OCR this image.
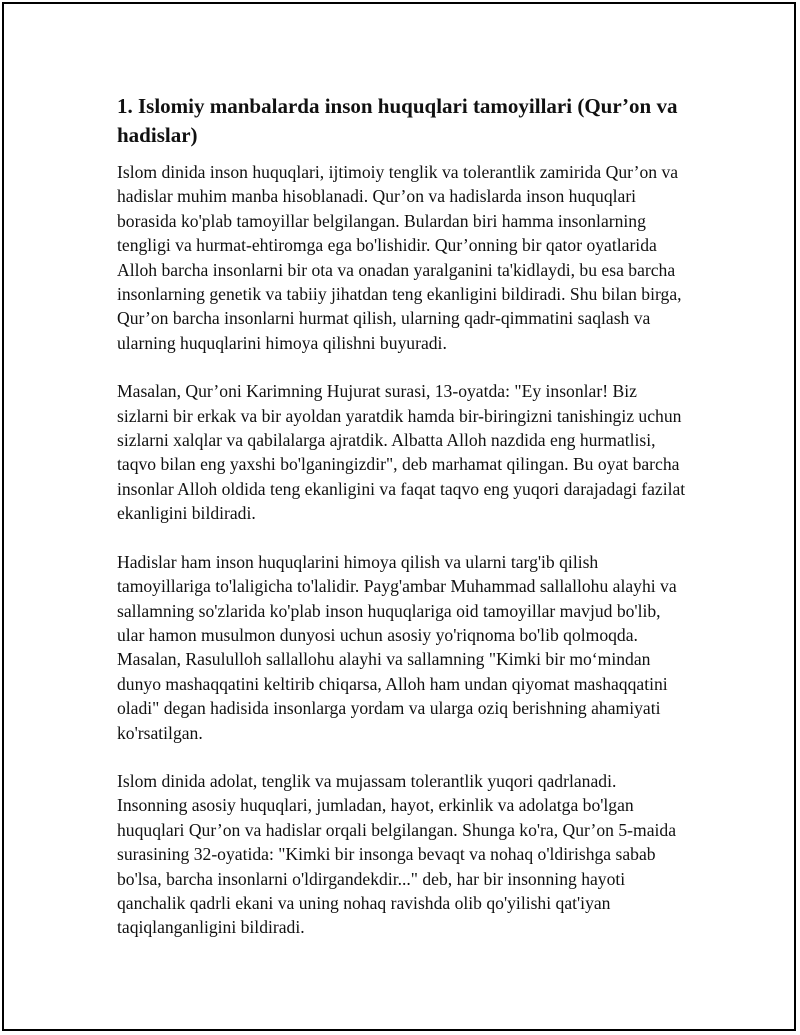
1. Islomiy manbalarda inson huquqlari tamoyillari (Qur’on va hadislar)

Islom dinida inson huquqlari, ijtimoiy tenglik va tolerantlik zamirida Qur’on va hadislar muhim manba hisoblanadi. Qur’on va hadislarda inson huquqlari borasida ko'plab tamoyillar belgilangan. Bulardan biri hamma insonlarning tengligi va hurmat-ehtiromga ega bo'lishidir. Qur’onning bir qator oyatlarida Alloh barcha insonlarni bir ota va onadan yaralganini ta'kidlaydi, bu esa barcha insonlarning genetik va tabiiy jihatdan teng ekanligini bildiradi. Shu bilan birga, Qur’on barcha insonlarni hurmat qilish, ularning qadr-qimmatini saqlash va ularning huquqlarini himoya qilishni buyuradi.

Masalan, Qur’oni Karimning Hujurat surasi, 13-oyatda: "Ey insonlar! Biz sizlarni bir erkak va bir ayoldan yaratdik hamda bir-biringizni tanishingiz uchun sizlarni xalqlar va qabilalarga ajratdik. Albatta Alloh nazdida eng hurmatlisi, taqvo bilan eng yaxshi bo'lganingizdir", deb marhamat qilingan. Bu oyat barcha insonlar Alloh oldida teng ekanligini va faqat taqvo eng yuqori darajadagi fazilat ekanligini bildiradi.

Hadislar ham inson huquqlarini himoya qilish va ularni targ'ib qilish tamoyillariga to'laligicha to'lalidir. Payg'ambar Muhammad sallallohu alayhi va sallamning so'zlarida ko'plab inson huquqlariga oid tamoyillar mavjud bo'lib, ular hamon musulmon dunyosi uchun asosiy yo'riqnoma bo'lib qolmoqda. Masalan, Rasululloh sallallohu alayhi va sallamning "Kimki bir mo‘mindan dunyo mashaqqatini keltirib chiqarsa, Alloh ham undan qiyomat mashaqqatini oladi" degan hadisida insonlarga yordam va ularga oziq berishning ahamiyati ko'rsatilgan.

Islom dinida adolat, tenglik va mujassam tolerantlik yuqori qadrlanadi. Insonning asosiy huquqlari, jumladan, hayot, erkinlik va adolatga bo'lgan huquqlari Qur’on va hadislar orqali belgilangan. Shunga ko'ra, Qur’on 5-maida surasining 32-oyatida: "Kimki bir insonga bevaqt va nohaq o'ldirishga sabab bo'lsa, barcha insonlarni o'ldirgandekdir..." deb, har bir insonning hayoti qanchalik qadrli ekani va uning nohaq ravishda olib qo'yilishi qat'iyan taqiqlanganligini bildiradi.
